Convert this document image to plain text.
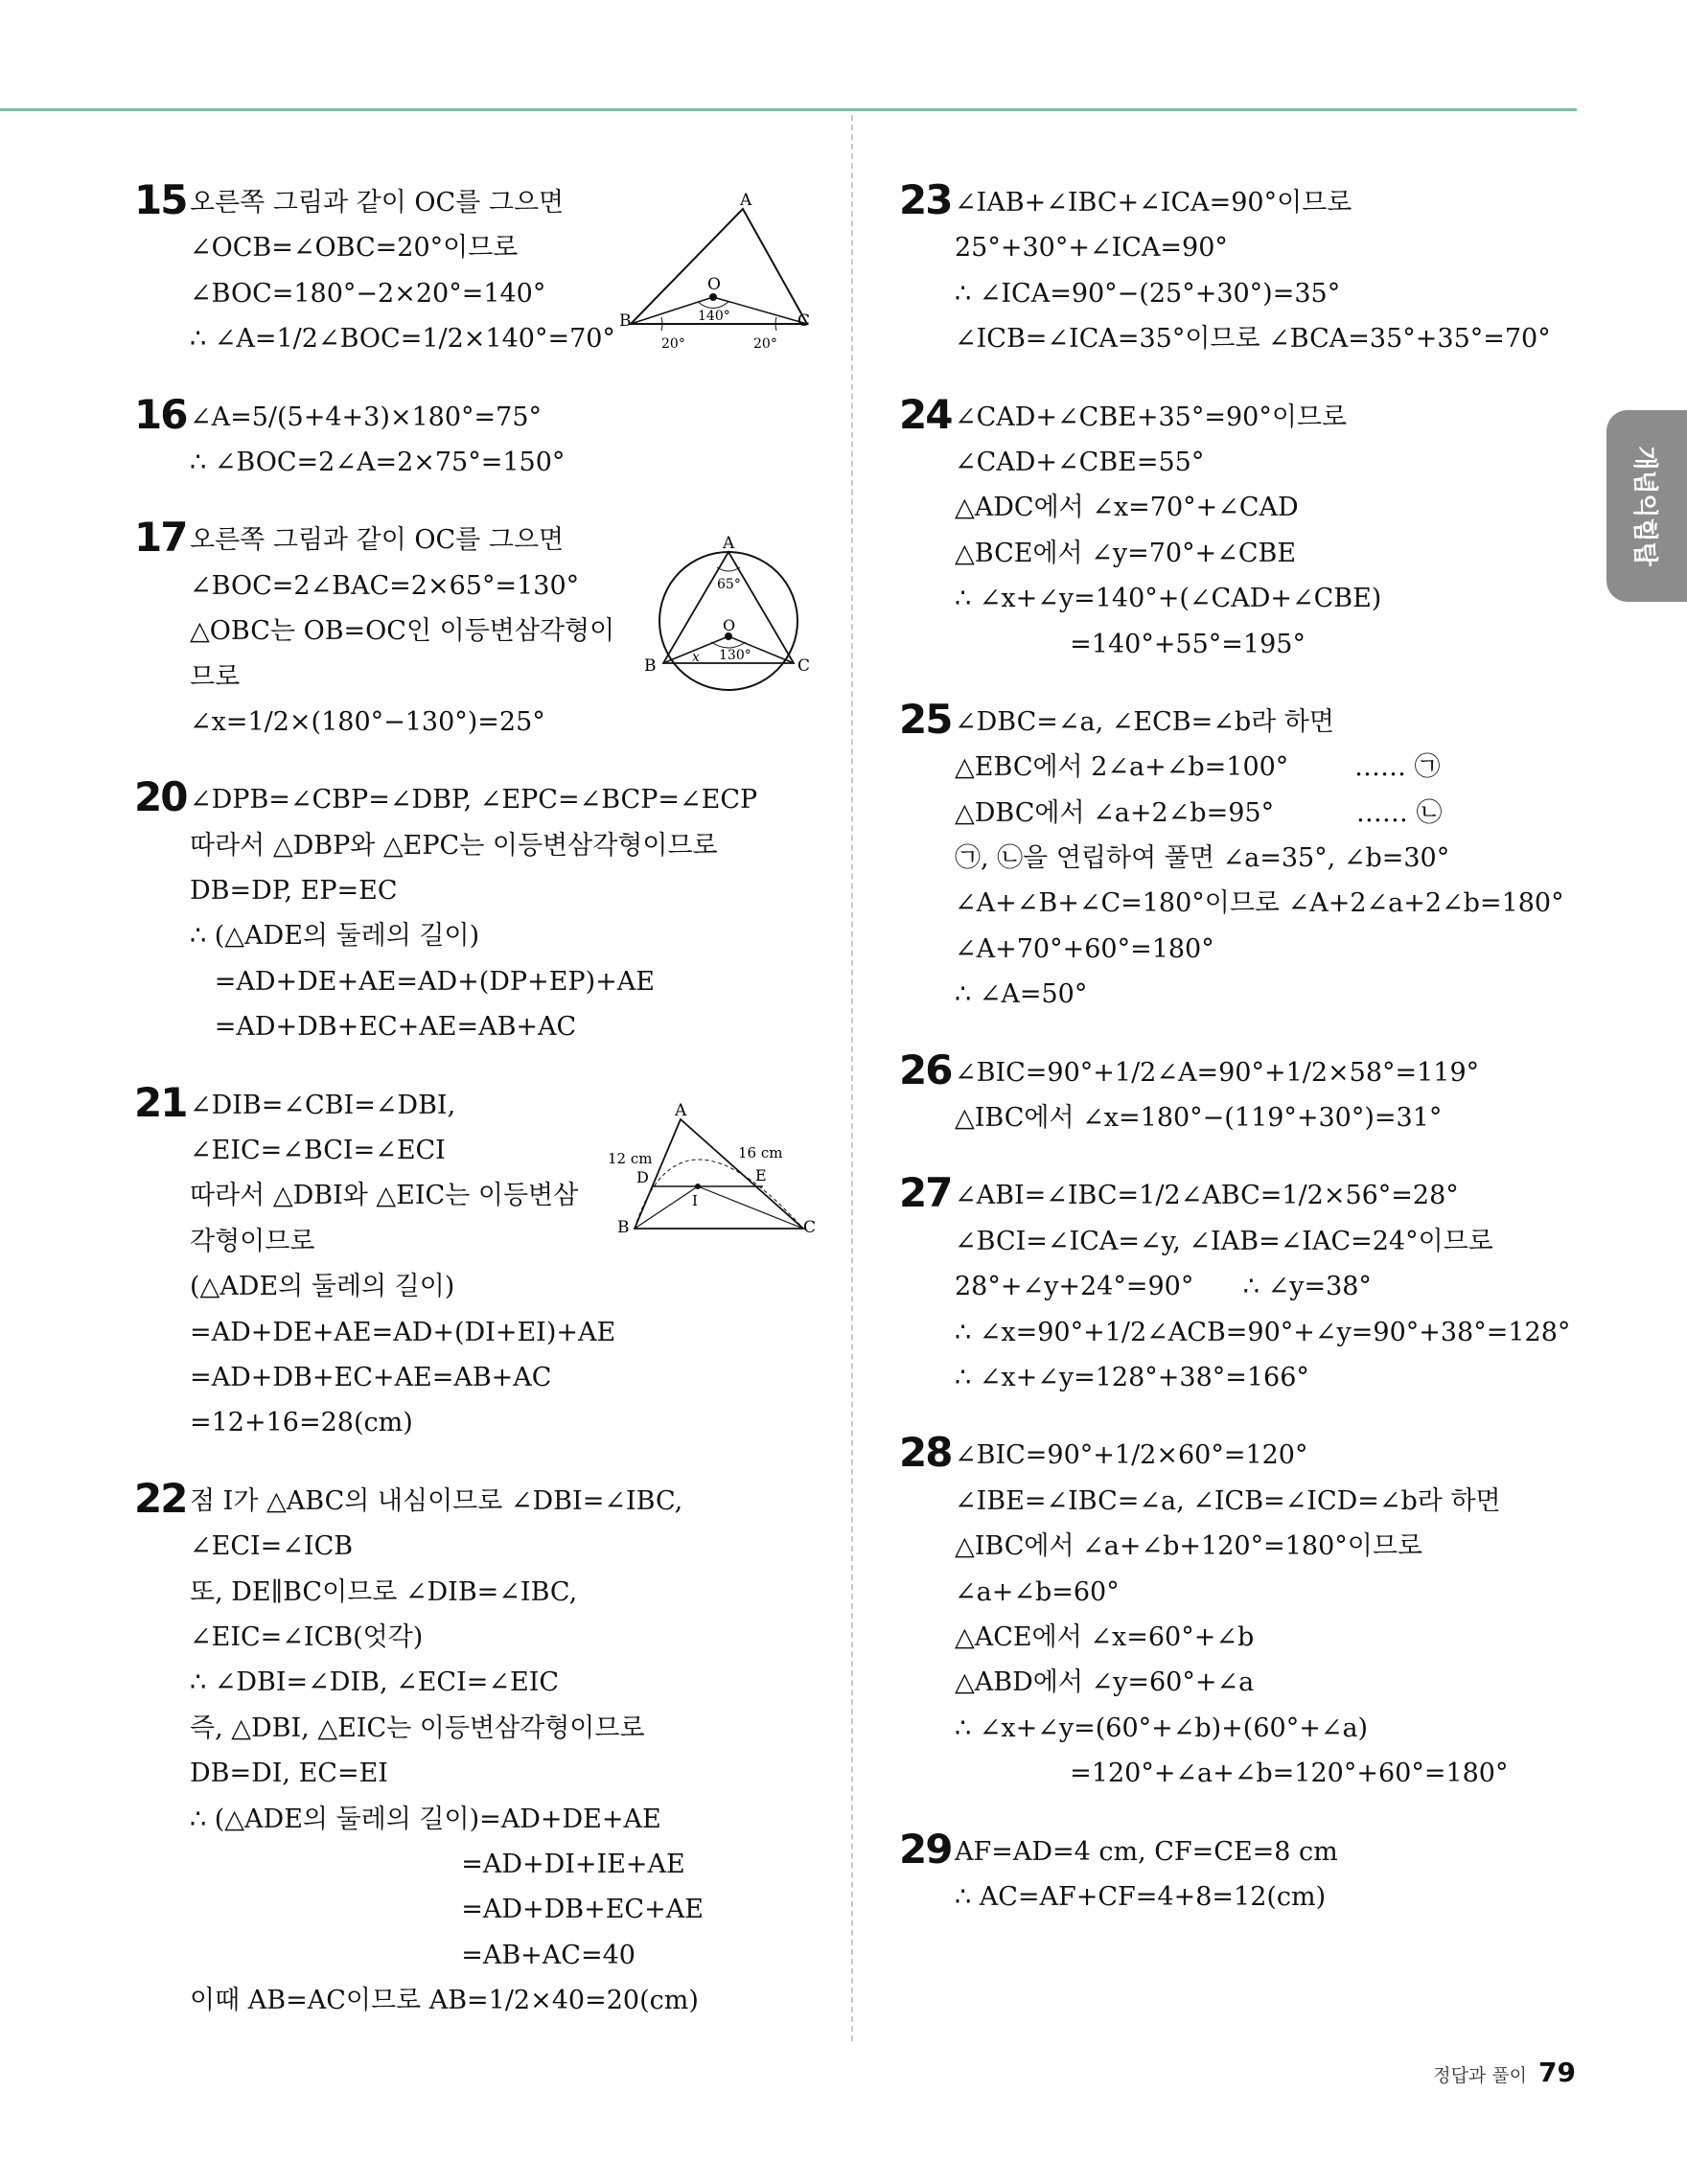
15 오른쪽 그림과 같이 OC를 그으면
∠OCB=∠OBC=20°이므로
∠BOC=180°−2×20°=140°
∴ ∠A=1/2∠BOC=1/2×140°=70°
16 ∠A=5/(5+4+3)×180°=75°
∴ ∠BOC=2∠A=2×75°=150°
17 오른쪽 그림과 같이 OC를 그으면
∠BOC=2∠BAC=2×65°=130°
△OBC는 OB=OC인 이등변삼각형이
므로
∠x=1/2×(180°−130°)=25°
20 ∠DPB=∠CBP=∠DBP, ∠EPC=∠BCP=∠ECP
따라서 △DBP와 △EPC는 이등변삼각형이므로
DB=DP, EP=EC
∴ (△ADE의 둘레의 길이)
=AD+DE+AE=AD+(DP+EP)+AE
=AD+DB+EC+AE=AB+AC
21 ∠DIB=∠CBI=∠DBI,
∠EIC=∠BCI=∠ECI
따라서 △DBI와 △EIC는 이등변삼
각형이므로
(△ADE의 둘레의 길이)
=AD+DE+AE=AD+(DI+EI)+AE
=AD+DB+EC+AE=AB+AC
=12+16=28(cm)
22 점 I가 △ABC의 내심이므로 ∠DBI=∠IBC,
∠ECI=∠ICB
또, DE∥BC이므로 ∠DIB=∠IBC,
∠EIC=∠ICB(엇각)
∴ ∠DBI=∠DIB, ∠ECI=∠EIC
즉, △DBI, △EIC는 이등변삼각형이므로
DB=DI, EC=EI
∴ (△ADE의 둘레의 길이)=AD+DE+AE
=AD+DI+IE+AE
=AD+DB+EC+AE
=AB+AC=40
이때 AB=AC이므로 AB=1/2×40=20(cm)
23 ∠IAB+∠IBC+∠ICA=90°이므로
25°+30°+∠ICA=90°
∴ ∠ICA=90°−(25°+30°)=35°
∠ICB=∠ICA=35°이므로 ∠BCA=35°+35°=70°
24 ∠CAD+∠CBE+35°=90°이므로
∠CAD+∠CBE=55°
△ADC에서 ∠x=70°+∠CAD
△BCE에서 ∠y=70°+∠CBE
∴ ∠x+∠y=140°+(∠CAD+∠CBE)
=140°+55°=195°
25 ∠DBC=∠a, ∠ECB=∠b라 하면
△EBC에서 2∠a+∠b=100°        …… ㉠
△DBC에서 ∠a+2∠b=95°          …… ㉡
㉠, ㉡을 연립하여 풀면 ∠a=35°, ∠b=30°
∠A+∠B+∠C=180°이므로 ∠A+2∠a+2∠b=180°
∠A+70°+60°=180°
∴ ∠A=50°
26 ∠BIC=90°+1/2∠A=90°+1/2×58°=119°
△IBC에서 ∠x=180°−(119°+30°)=31°
27 ∠ABI=∠IBC=1/2∠ABC=1/2×56°=28°
∠BCI=∠ICA=∠y, ∠IAB=∠IAC=24°이므로
28°+∠y+24°=90°      ∴ ∠y=38°
∴ ∠x=90°+1/2∠ACB=90°+∠y=90°+38°=128°
∴ ∠x+∠y=128°+38°=166°
28 ∠BIC=90°+1/2×60°=120°
∠IBE=∠IBC=∠a, ∠ICB=∠ICD=∠b라 하면
△IBC에서 ∠a+∠b+120°=180°이므로
∠a+∠b=60°
△ACE에서 ∠x=60°+∠b
△ABD에서 ∠y=60°+∠a
∴ ∠x+∠y=(60°+∠b)+(60°+∠a)
=120°+∠a+∠b=120°+60°=180°
29 AF=AD=4 cm, CF=CE=8 cm
∴ AC=AF+CF=4+8=12(cm)
A
O
B	C
140°
20°	20°
A
O
B	C
65°
x 130°
A
D	E
B
I
C
12 cm	16 cm
개념익힘탑
정답과 풀이 79
